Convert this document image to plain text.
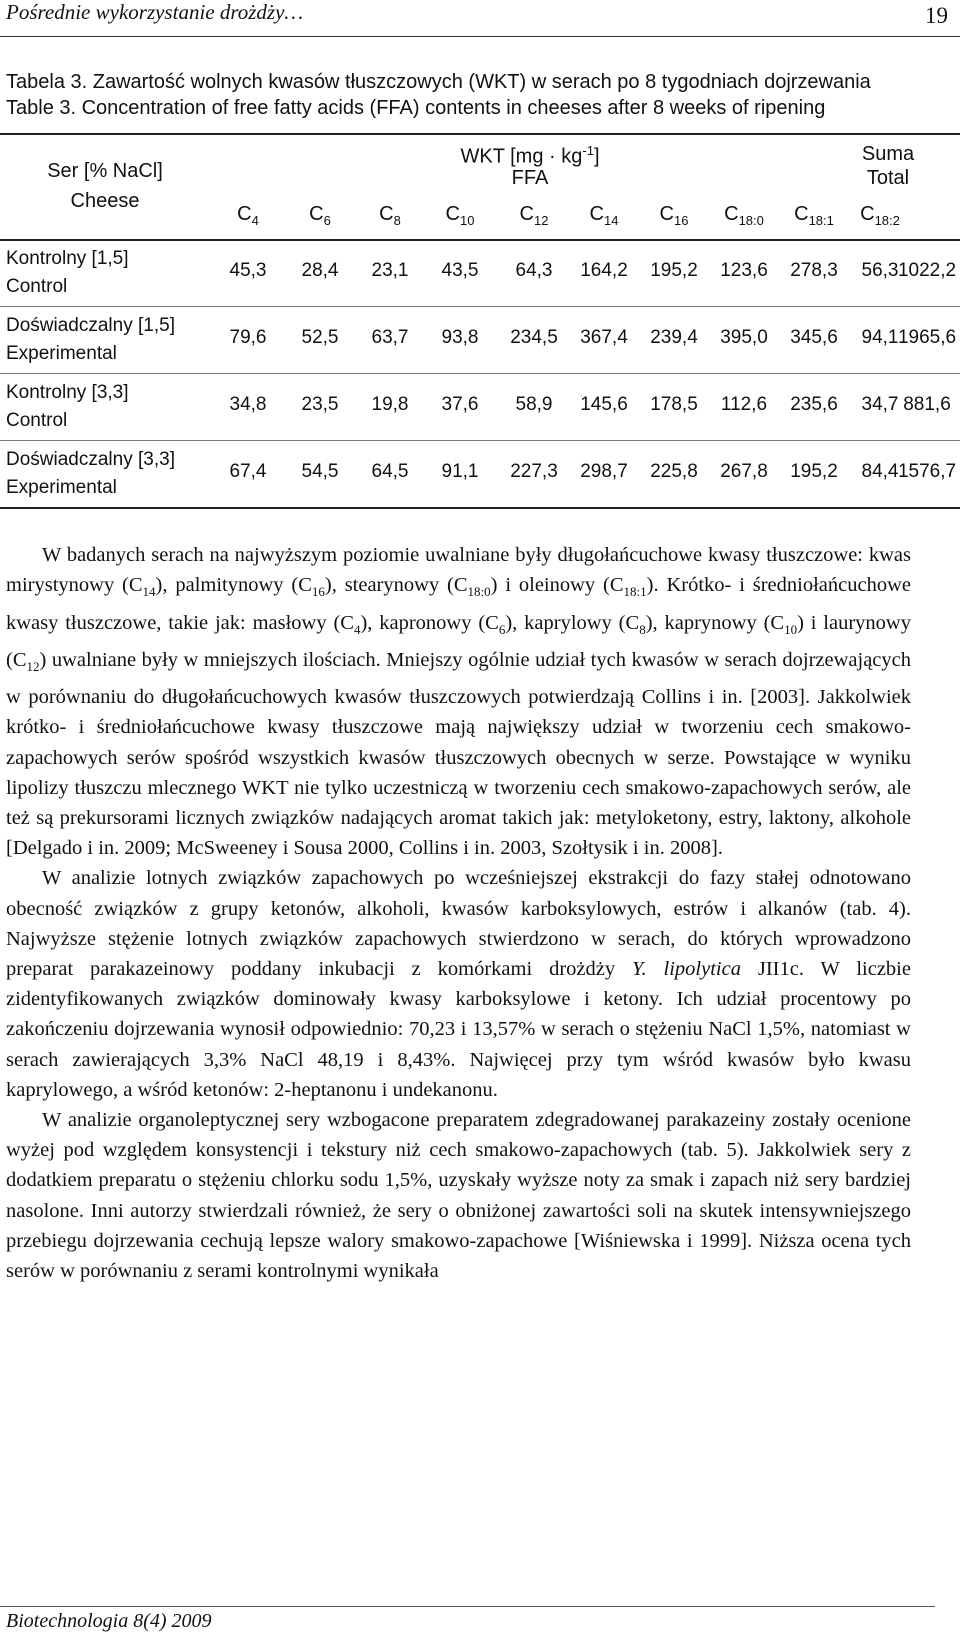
Pośrednie wykorzystanie drożdży…	19
Tabela 3. Zawartość wolnych kwasów tłuszczowych (WKT) w serach po 8 tygodniach dojrzewania
Table 3. Concentration of free fatty acids (FFA) contents in cheeses after 8 weeks of ripening
Ser [% NaCl]
Cheese
WKT $[mg \cdot kg^{-1}]$
FFA
Suma
Total
$C_4$	$C_6$	$C_8$	$C_{10}$	$C_{12}$	$C_{14}$	$C_{16}$	$C_{18:0}$	$C_{18:1}$	$C_{18:2}$
Kontrolny [1,5]
Control
45,3	28,4	23,1	43,5	64,3	164,2	195,2	123,6	278,3	56,3 1022,2
Doświadczalny [1,5]
Experimental
79,6	52,5	63,7	93,8	234,5	367,4	239,4	395,0	345,6	94,1 1965,6
Kontrolny [3,3]
Control
34,8	23,5	19,8	37,6	58,9	145,6	178,5	112,6	235,6	34,7 881,6
Doświadczalny [3,3]
Experimental
67,4	54,5	64,5	91,1	227,3	298,7	225,8	267,8	195,2	84,4 1576,7

W badanych serach na najwyższym poziomie uwalniane były długołańcuchowe kwasy tłuszczowe: kwas mirystynowy $(C_{14})$, palmitynowy $(C_{16})$, stearynowy $(C_{18:0})$ i oleinowy $(C_{18:1})$. Krótko- i średniołańcuchowe kwasy tłuszczowe, takie jak: masłowy $(C_4)$, kapronowy $(C_6)$, kaprylowy $(C_8)$, kaprynowy $(C_{10})$ i laurynowy $(C_{12})$ uwalniane były w mniejszych ilościach. Mniejszy ogólnie udział tych kwasów w serach dojrzewających w porównaniu do długołańcuchowych kwasów tłuszczowych potwierdzają Collins i in. [2003]. Jakkolwiek krótko- i średniołańcuchowe kwasy tłuszczowe mają największy udział w tworzeniu cech smakowo-zapachowych serów spośród wszystkich kwasów tłuszczowych obecnych w serze. Powstające w wyniku lipolizy tłuszczu mlecznego WKT nie tylko uczestniczą w tworzeniu cech smakowo-zapachowych serów, ale też są prekursorami licznych związków nadających aromat takich jak: metyloketony, estry, laktony, alkohole [Delgado i in. 2009; McSweeney i Sousa 2000, Collins i in. 2003, Szołtysik i in. 2008].

W analizie lotnych związków zapachowych po wcześniejszej ekstrakcji do fazy stałej odnotowano obecność związków z grupy ketonów, alkoholi, kwasów karboksylowych, estrów i alkanów (tab. 4). Najwyższe stężenie lotnych związków zapachowych stwierdzono w serach, do których wprowadzono preparat parakazeinowy poddany inkubacji z komórkami drożdży Y. lipolytica JII1c. W liczbie zidentyfikowanych związków dominowały kwasy karboksylowe i ketony. Ich udział procentowy po zakończeniu dojrzewania wynosił odpowiednio: 70,23 i 13,57% w serach o stężeniu NaCl 1,5%, natomiast w serach zawierających 3,3% NaCl 48,19 i 8,43%. Najwięcej przy tym wśród kwasów było kwasu kaprylowego, a wśród ketonów: 2-heptanonu i undekanonu.

W analizie organoleptycznej sery wzbogacone preparatem zdegradowanej parakazeiny zostały ocenione wyżej pod względem konsystencji i tekstury niż cech smakowo-zapachowych (tab. 5). Jakkolwiek sery z dodatkiem preparatu o stężeniu chlorku sodu 1,5%, uzyskały wyższe noty za smak i zapach niż sery bardziej nasolone. Inni autorzy stwierdzali również, że sery o obniżonej zawartości soli na skutek intensywniejszego przebiegu dojrzewania cechują lepsze walory smakowo-zapachowe [Wiśniewska i 1999]. Niższa ocena tych serów w porównaniu z serami kontrolnymi wynikała

Biotechnologia 8(4) 2009
